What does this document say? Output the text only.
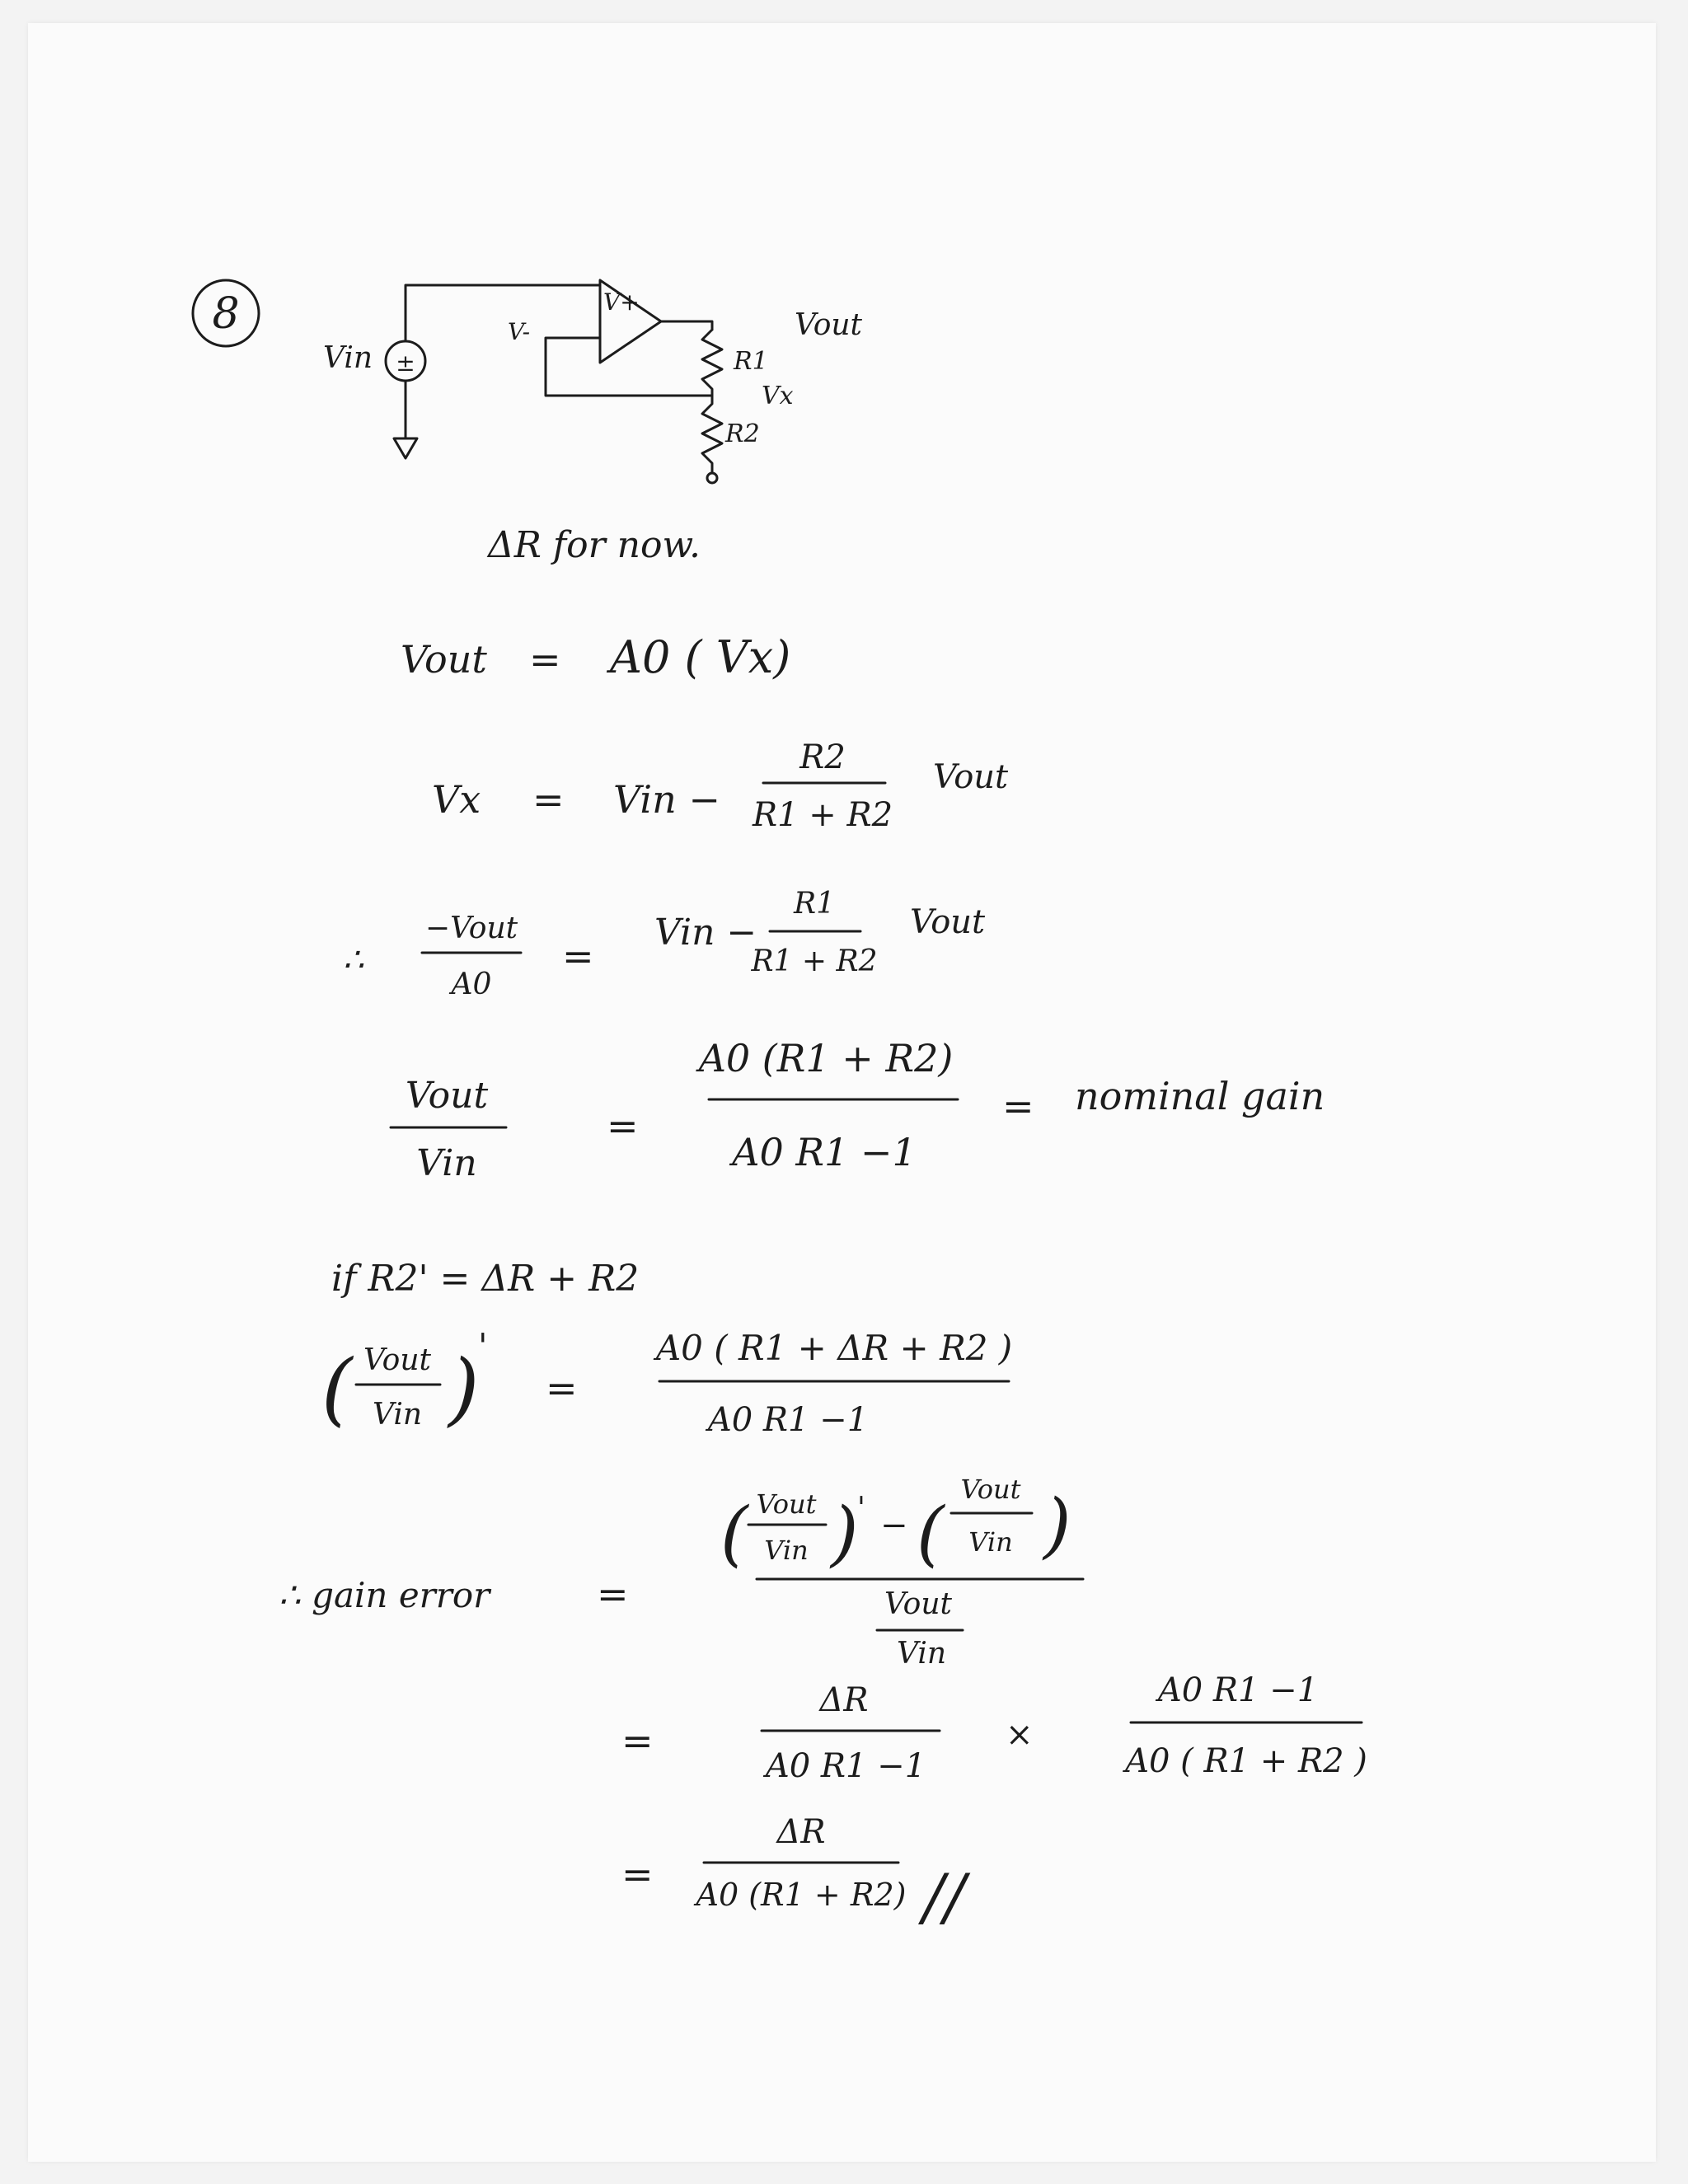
8
Vin ±
V+
V-	Vout
R1
Vx
R2
ΔR for now.
Vout = A0 ( Vx)
Vx = Vin −
R2
R1 + R2
Vout
∴
−Vout
A0
=
Vin −
R1
R1 + R2
Vout
Vout
Vin
=
A0 (R1 + R2)
A0 R1 −1
= nominal gain
if R2' = ΔR + R2
( Vout
Vin )
'
=
A0 ( R1 + ΔR + R2 )
A0 R1 −1
∴ gain error	=
( Vout
Vin )
' − (
Vout
Vin )
Vout
Vin
=
ΔR
A0 R1 −1
×
A0 R1 −1
A0 ( R1 + R2 )
=
ΔR
A0 (R1 + R2) //
